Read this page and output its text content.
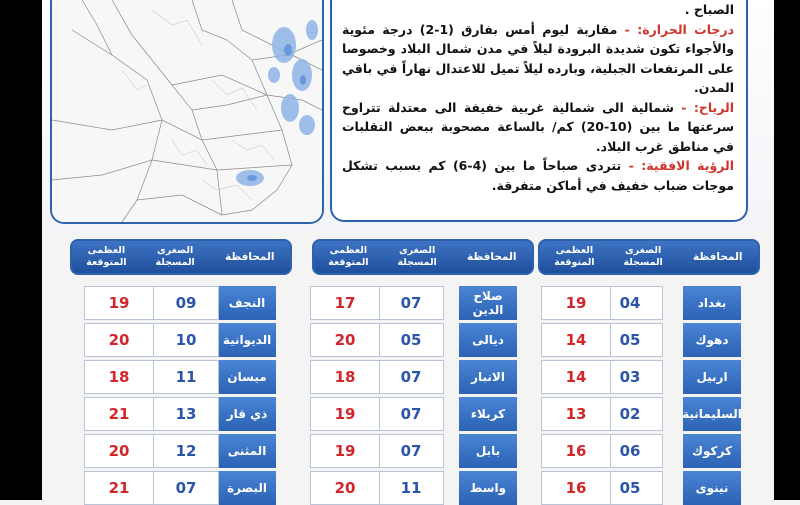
الصباح .

درجات الحرارة: - مقاربة ليوم أمس بفارق (1-2) درجة مئوية والأجواء تكون شديدة البرودة ليلاً في مدن شمال البلاد وخصوصا على المرتفعات الجبلية، وبارده ليلاً تميل للاعتدال نهاراً في باقي المدن.

الرياح: - شمالية الى شمالية غربية خفيفة الى معتدلة تتراوح سرعتها ما بين (10-20) كم/ بالساعة مصحوبة ببعض التقلبات في مناطق غرب البلاد.

الرؤية الافقية: - تتردى صباحاً ما بين (4-6) كم بسبب تشكل موجات ضباب خفيف في أماكن متفرقة.

المحافظة
الصغرى
المسجلة
العظمى
المتوقعة
بغداد
04
19
دهوك
05
14
اربيل
03
14
السليمانية
02
13
كركوك
06
16
نينوى
05
16
المحافظة
الصغرى
المسجلة
العظمى
المتوقعة
صلاح الدين
07
17
ديالى
05
20
الانبار
07
18
كربلاء
07
19
بابل
07
19
واسط
11
20
المحافظة
الصغرى
المسجلة
العظمى
المتوقعة
النجف
09
19
الديوانية
10
20
ميسان
11
18
ذي قار
13
21
المثنى
12
20
البصرة
07
21
